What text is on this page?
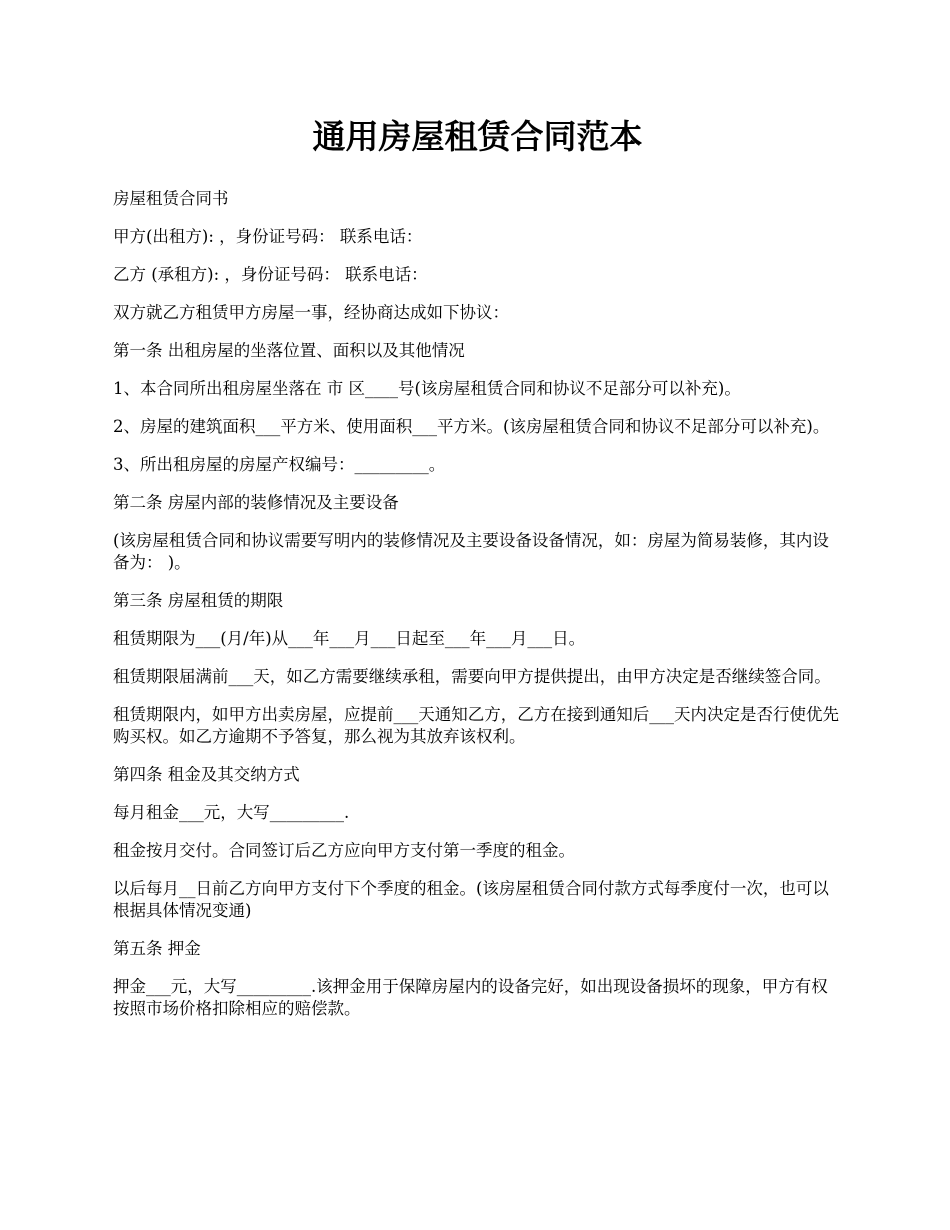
通用房屋租赁合同范本

房屋租赁合同书

甲方(出租方): ，身份证号码： 联系电话：

乙方 (承租方): ，身份证号码： 联系电话：

双方就乙方租赁甲方房屋一事，经协商达成如下协议：

第一条 出租房屋的坐落位置、面积以及其他情况

1、本合同所出租房屋坐落在 市 区____号(该房屋租赁合同和协议不足部分可以补充)。

2、房屋的建筑面积___平方米、使用面积___平方米。(该房屋租赁合同和协议不足部分可以补充)。

3、所出租房屋的房屋产权编号：_________。

第二条 房屋内部的装修情况及主要设备

(该房屋租赁合同和协议需要写明内的装修情况及主要设备设备情况，如：房屋为简易装修，其内设备为： )。

第三条 房屋租赁的期限

租赁期限为___(月/年)从___年___月___日起至___年___月___日。

租赁期限届满前___天，如乙方需要继续承租，需要向甲方提供提出，由甲方决定是否继续签合同。

租赁期限内，如甲方出卖房屋，应提前___天通知乙方，乙方在接到通知后___天内决定是否行使优先购买权。如乙方逾期不予答复，那么视为其放弃该权利。

第四条 租金及其交纳方式

每月租金___元，大写_________.

租金按月交付。合同签订后乙方应向甲方支付第一季度的租金。

以后每月__日前乙方向甲方支付下个季度的租金。(该房屋租赁合同付款方式每季度付一次，也可以根据具体情况变通)

第五条 押金

押金___元，大写_________.该押金用于保障房屋内的设备完好，如出现设备损坏的现象，甲方有权按照市场价格扣除相应的赔偿款。
